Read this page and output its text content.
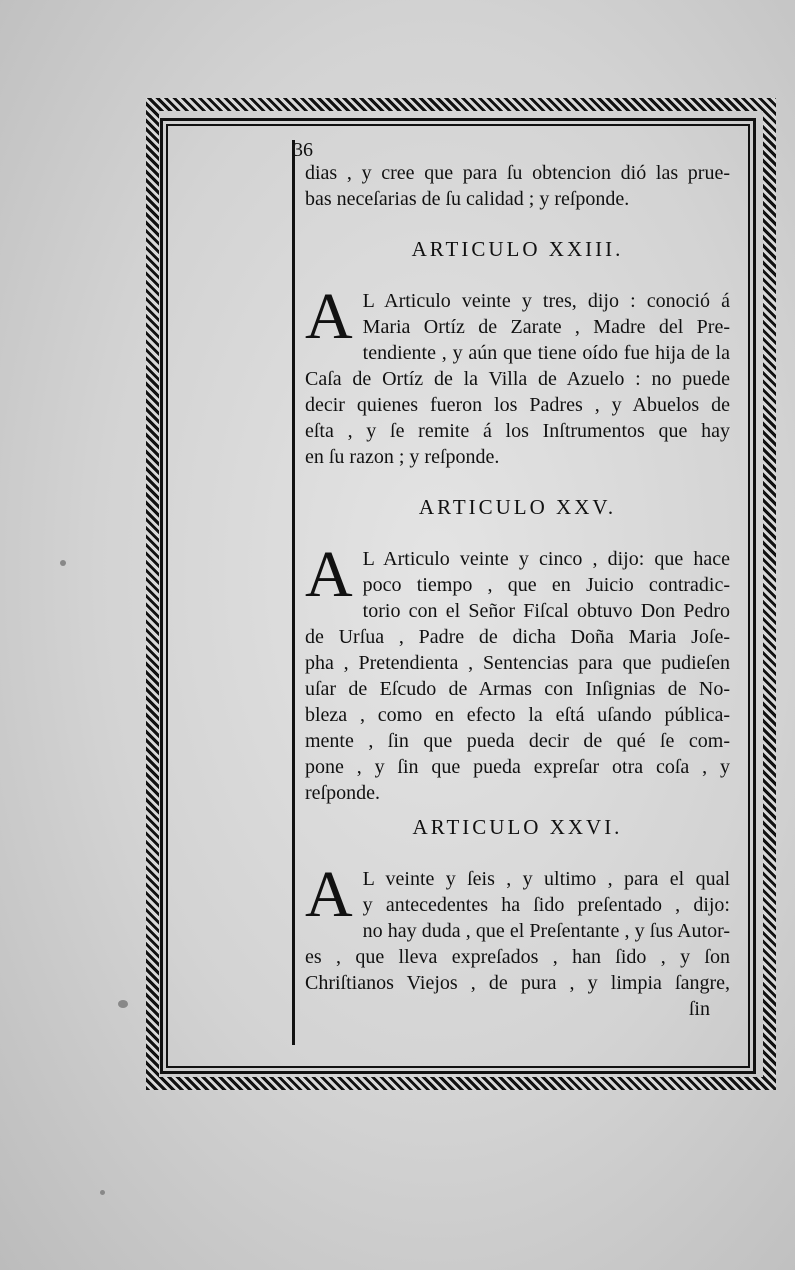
36

dias , y cree que para ſu obtencion dió las prue-
bas neceſarias de ſu calidad ; y reſponde.

ARTICULO XXIII.

A L Articulo veinte y tres, dijo : conoció á
Maria Ortíz de Zarate , Madre del Pre-
tendiente , y aún que tiene oído fue hija de la
Caſa de Ortíz de la Villa de Azuelo : no puede
decir quienes fueron los Padres , y Abuelos de
eſta , y ſe remite á los Inſtrumentos que hay
en ſu razon ; y reſponde.

ARTICULO XXV.

A L Articulo veinte y cinco , dijo: que hace
poco tiempo , que en Juicio contradic-
torio con el Señor Fiſcal obtuvo Don Pedro
de Urſua , Padre de dicha Doña Maria Joſe-
pha , Pretendienta , Sentencias para que pudieſen
uſar de Eſcudo de Armas con Inſignias de No-
bleza , como en efecto la eſtá uſando pública-
mente , ſin que pueda decir de qué ſe com-
pone , y ſin que pueda expreſar otra coſa , y
reſponde.

ARTICULO XXVI.

A L veinte y ſeis , y ultimo , para el qual
y antecedentes ha ſido preſentado , dijo:
no hay duda , que el Preſentante , y ſus Autor-
es , que lleva expreſados , han ſido , y ſon
Chriſtianos Viejos , de pura , y limpia ſangre,

ſin
